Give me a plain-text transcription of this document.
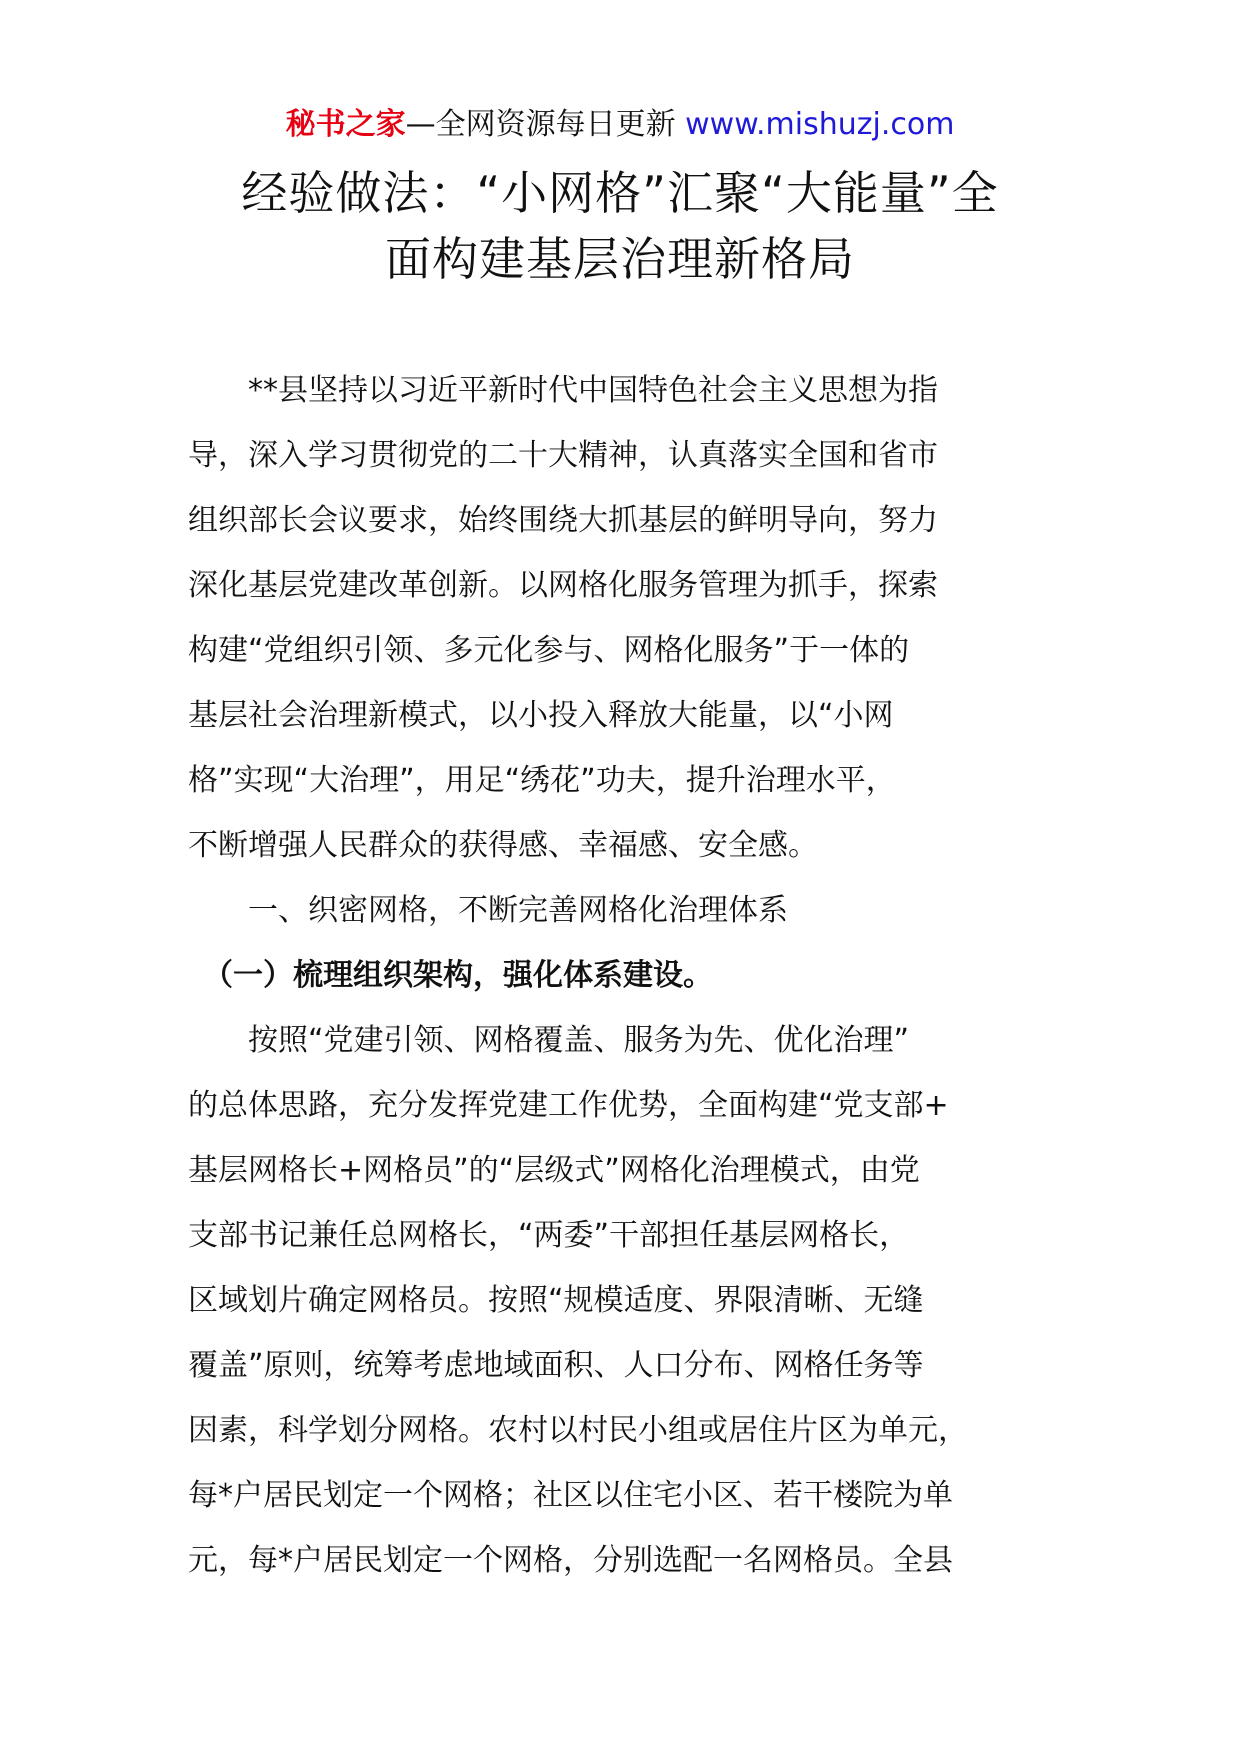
秘书之家—全网资源每日更新 www.mishuzj.com
经验做法：“小网格”汇聚“大能量”全
面构建基层治理新格局
　　**县坚持以习近平新时代中国特色社会主义思想为指
导，深入学习贯彻党的二十大精神，认真落实全国和省市
组织部长会议要求，始终围绕大抓基层的鲜明导向，努力
深化基层党建改革创新。以网格化服务管理为抓手，探索
构建“党组织引领、多元化参与、网格化服务”于一体的
基层社会治理新模式，以小投入释放大能量，以“小网
格”实现“大治理”，用足“绣花”功夫，提升治理水平，
不断增强人民群众的获得感、幸福感、安全感。
　　一、织密网格，不断完善网格化治理体系
　（一）梳理组织架构，强化体系建设。
　　按照“党建引领、网格覆盖、服务为先、优化治理”
的总体思路，充分发挥党建工作优势，全面构建“党支部+
基层网格长+网格员”的“层级式”网格化治理模式，由党
支部书记兼任总网格长，“两委”干部担任基层网格长，
区域划片确定网格员。按照“规模适度、界限清晰、无缝
覆盖”原则，统筹考虑地域面积、人口分布、网格任务等
因素，科学划分网格。农村以村民小组或居住片区为单元，
每*户居民划定一个网格；社区以住宅小区、若干楼院为单
元，每*户居民划定一个网格，分别选配一名网格员。全县
